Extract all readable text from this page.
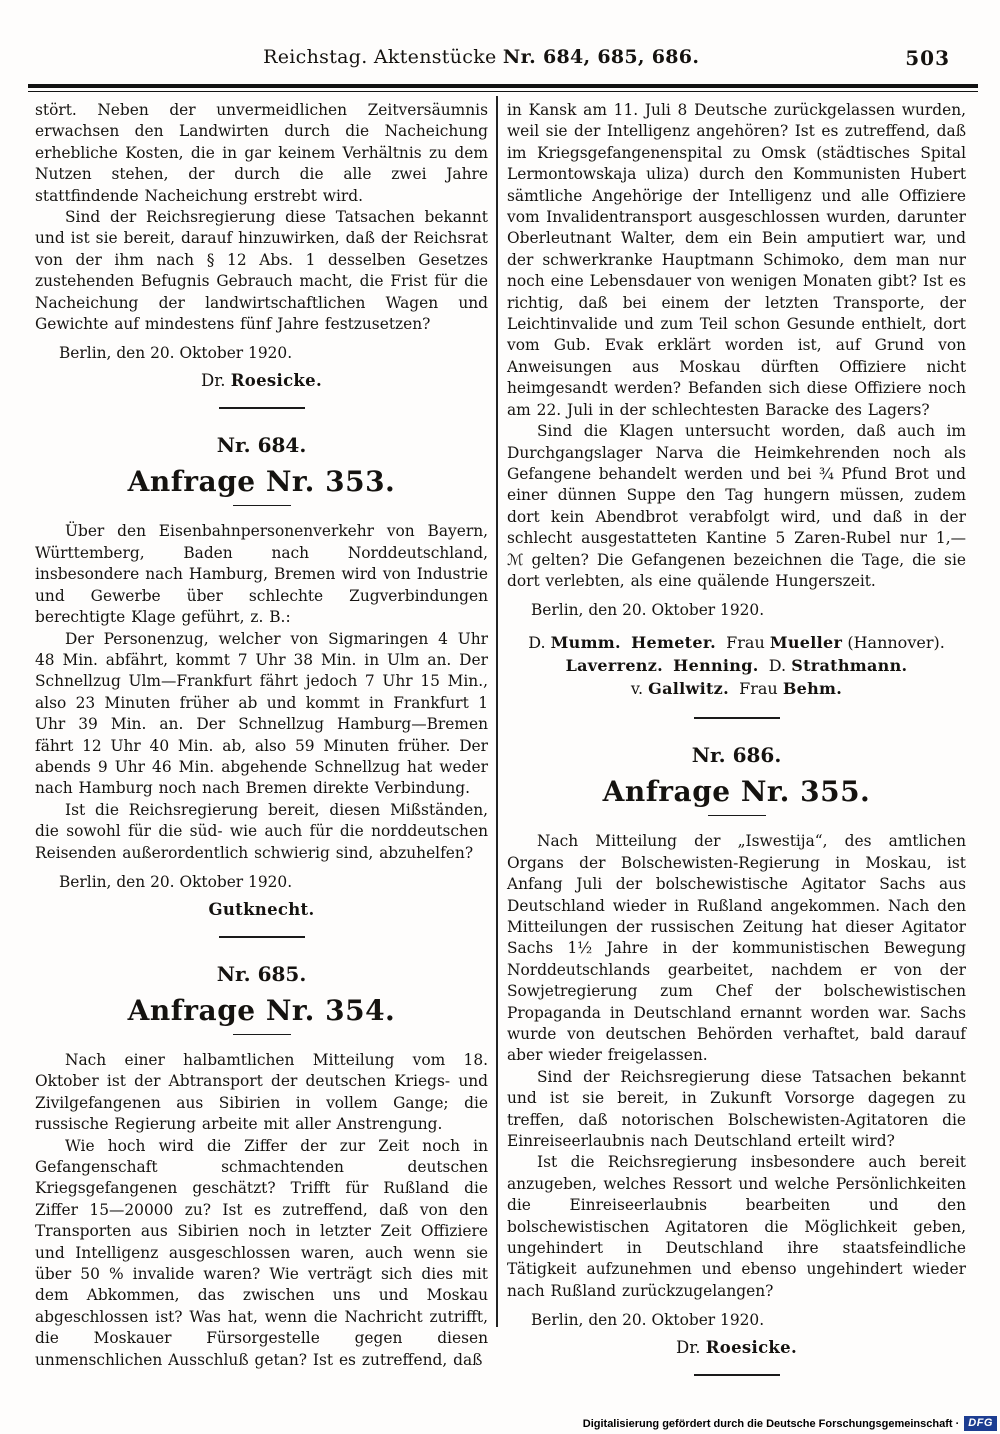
Reichstag. Aktenstücke Nr. 684, 685, 686.	503

stört. Neben der unvermeidlichen Zeitversäumnis erwachsen den Landwirten durch die Nacheichung erhebliche Kosten, die in gar keinem Verhältnis zu dem Nutzen stehen, der durch die alle zwei Jahre stattfindende Nacheichung erstrebt wird.

Sind der Reichsregierung diese Tatsachen bekannt und ist sie bereit, darauf hinzuwirken, daß der Reichsrat von der ihm nach § 12 Abs. 1 desselben Gesetzes zustehenden Befugnis Gebrauch macht, die Frist für die Nacheichung der landwirtschaftlichen Wagen und Gewichte auf mindestens fünf Jahre festzusetzen?

Berlin, den 20. Oktober 1920.

Dr. Roesicke.

Nr. 684.
Anfrage Nr. 353.

Über den Eisenbahnpersonenverkehr von Bayern, Württemberg, Baden nach Norddeutschland, insbesondere nach Hamburg, Bremen wird von Industrie und Gewerbe über schlechte Zugverbindungen berechtigte Klage geführt, z. B.:

Der Personenzug, welcher von Sigmaringen 4 Uhr 48 Min. abfährt, kommt 7 Uhr 38 Min. in Ulm an. Der Schnellzug Ulm—Frankfurt fährt jedoch 7 Uhr 15 Min., also 23 Minuten früher ab und kommt in Frankfurt 1 Uhr 39 Min. an. Der Schnellzug Hamburg—Bremen fährt 12 Uhr 40 Min. ab, also 59 Minuten früher. Der abends 9 Uhr 46 Min. abgehende Schnellzug hat weder nach Hamburg noch nach Bremen direkte Verbindung.

Ist die Reichsregierung bereit, diesen Mißständen, die sowohl für die süd- wie auch für die norddeutschen Reisenden außerordentlich schwierig sind, abzuhelfen?

Berlin, den 20. Oktober 1920.

Gutknecht.

Nr. 685.
Anfrage Nr. 354.

Nach einer halbamtlichen Mitteilung vom 18. Oktober ist der Abtransport der deutschen Kriegs- und Zivilgefangenen aus Sibirien in vollem Gange; die russische Regierung arbeite mit aller Anstrengung.

Wie hoch wird die Ziffer der zur Zeit noch in Gefangenschaft schmachtenden deutschen Kriegsgefangenen geschätzt? Trifft für Rußland die Ziffer 15—20000 zu? Ist es zutreffend, daß von den Transporten aus Sibirien noch in letzter Zeit Offiziere und Intelligenz ausgeschlossen waren, auch wenn sie über 50 % invalide waren? Wie verträgt sich dies mit dem Abkommen, das zwischen uns und Moskau abgeschlossen ist? Was hat, wenn die Nachricht zutrifft, die Moskauer Fürsorgestelle gegen diesen unmenschlichen Ausschluß getan? Ist es zutreffend, daß

in Kansk am 11. Juli 8 Deutsche zurückgelassen wurden, weil sie der Intelligenz angehören? Ist es zutreffend, daß im Kriegsgefangenenspital zu Omsk (städtisches Spital Lermontowskaja uliza) durch den Kommunisten Hubert sämtliche Angehörige der Intelligenz und alle Offiziere vom Invalidentransport ausgeschlossen wurden, darunter Oberleutnant Walter, dem ein Bein amputiert war, und der schwerkranke Hauptmann Schimoko, dem man nur noch eine Lebensdauer von wenigen Monaten gibt? Ist es richtig, daß bei einem der letzten Transporte, der Leichtinvalide und zum Teil schon Gesunde enthielt, dort vom Gub. Evak erklärt worden ist, auf Grund von Anweisungen aus Moskau dürften Offiziere nicht heimgesandt werden? Befanden sich diese Offiziere noch am 22. Juli in der schlechtesten Baracke des Lagers?

Sind die Klagen untersucht worden, daß auch im Durchgangslager Narva die Heimkehrenden noch als Gefangene behandelt werden und bei ¾ Pfund Brot und einer dünnen Suppe den Tag hungern müssen, zudem dort kein Abendbrot verabfolgt wird, und daß in der schlecht ausgestatteten Kantine 5 Zaren-Rubel nur 1,— ℳ gelten? Die Gefangenen bezeichnen die Tage, die sie dort verlebten, als eine quälende Hungerszeit.

Berlin, den 20. Oktober 1920.

D. Mumm. Hemeter. Frau Mueller (Hannover).
Laverrenz. Henning. D. Strathmann.
v. Gallwitz. Frau Behm.
Nr. 686.
Anfrage Nr. 355.

Nach Mitteilung der „Iswestija“, des amtlichen Organs der Bolschewisten-Regierung in Moskau, ist Anfang Juli der bolschewistische Agitator Sachs aus Deutschland wieder in Rußland angekommen. Nach den Mitteilungen der russischen Zeitung hat dieser Agitator Sachs 1½ Jahre in der kommunistischen Bewegung Norddeutschlands gearbeitet, nachdem er von der Sowjetregierung zum Chef der bolschewistischen Propaganda in Deutschland ernannt worden war. Sachs wurde von deutschen Behörden verhaftet, bald darauf aber wieder freigelassen.

Sind der Reichsregierung diese Tatsachen bekannt und ist sie bereit, in Zukunft Vorsorge dagegen zu treffen, daß notorischen Bolschewisten-Agitatoren die Einreiseerlaubnis nach Deutschland erteilt wird?

Ist die Reichsregierung insbesondere auch bereit anzugeben, welches Ressort und welche Persönlichkeiten die Einreiseerlaubnis bearbeiten und den bolschewistischen Agitatoren die Möglichkeit geben, ungehindert in Deutschland ihre staatsfeindliche Tätigkeit aufzunehmen und ebenso ungehindert wieder nach Rußland zurückzugelangen?

Berlin, den 20. Oktober 1920.

Dr. Roesicke.

Digitalisierung gefördert durch die Deutsche Forschungsgemeinschaft · DFG
